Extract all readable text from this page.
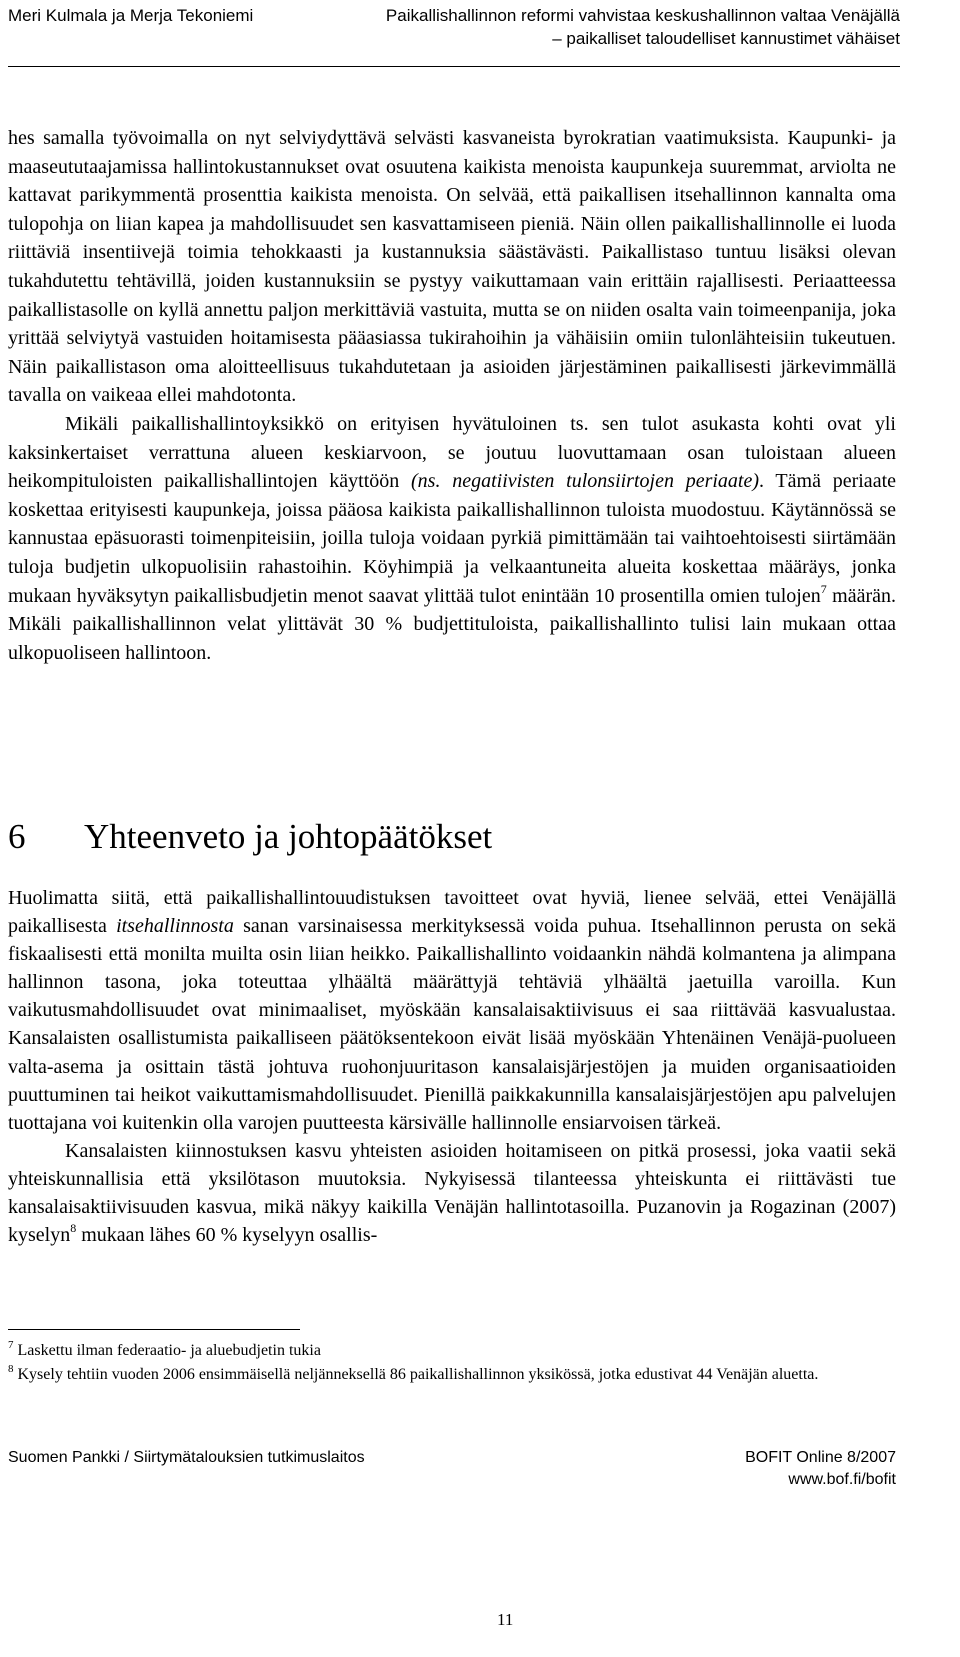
Meri Kulmala ja Merja Tekoniemi	Paikallishallinnon reformi vahvistaa keskushallinnon valtaa Venäjällä
– paikalliset taloudelliset kannustimet vähäiset

hes samalla työvoimalla on nyt selviydyttävä selvästi kasvaneista byrokratian vaatimuksista. Kaupunki- ja maaseututaajamissa hallintokustannukset ovat osuutena kaikista menoista kaupunkeja suuremmat, arviolta ne kattavat parikymmentä prosenttia kaikista menoista. On selvää, että paikallisen itsehallinnon kannalta oma tulopohja on liian kapea ja mahdollisuudet sen kasvattamiseen pieniä. Näin ollen paikallishallinnolle ei luoda riittäviä insentiivejä toimia tehokkaasti ja kustannuksia säästävästi. Paikallistaso tuntuu lisäksi olevan tukahdutettu tehtävillä, joiden kustannuksiin se pystyy vaikuttamaan vain erittäin rajallisesti. Periaatteessa paikallistasolle on kyllä annettu paljon merkittäviä vastuita, mutta se on niiden osalta vain toimeenpanija, joka yrittää selviytyä vastuiden hoitamisesta pääasiassa tukirahoihin ja vähäisiin omiin tulonlähteisiin tukeutuen. Näin paikallistason oma aloitteellisuus tukahdutetaan ja asioiden järjestäminen paikallisesti järkevimmällä tavalla on vaikeaa ellei mahdotonta.

Mikäli paikallishallintoyksikkö on erityisen hyvätuloinen ts. sen tulot asukasta kohti ovat yli kaksinkertaiset verrattuna alueen keskiarvoon, se joutuu luovuttamaan osan tuloistaan alueen heikompituloisten paikallishallintojen käyttöön (ns. negatiivisten tulonsiirtojen periaate). Tämä periaate koskettaa erityisesti kaupunkeja, joissa pääosa kaikista paikallishallinnon tuloista muodostuu. Käytännössä se kannustaa epäsuorasti toimenpiteisiin, joilla tuloja voidaan pyrkiä pimittämään tai vaihtoehtoisesti siirtämään tuloja budjetin ulkopuolisiin rahastoihin. Köyhimpiä ja velkaantuneita alueita koskettaa määräys, jonka mukaan hyväksytyn paikallisbudjetin menot saavat ylittää tulot enintään 10 prosentilla omien tulojen$^7$ määrän. Mikäli paikallishallinnon velat ylittävät 30 % budjettituloista, paikallishallinto tulisi lain mukaan ottaa ulkopuoliseen hallintoon.

6 Yhteenveto ja johtopäätökset

Huolimatta siitä, että paikallishallintouudistuksen tavoitteet ovat hyviä, lienee selvää, ettei Venäjällä paikallisesta itsehallinnosta sanan varsinaisessa merkityksessä voida puhua. Itsehallinnon perusta on sekä fiskaalisesti että monilta muilta osin liian heikko. Paikallishallinto voidaankin nähdä kolmantena ja alimpana hallinnon tasona, joka toteuttaa ylhäältä määrättyjä tehtäviä ylhäältä jaetuilla varoilla. Kun vaikutusmahdollisuudet ovat minimaaliset, myöskään kansalaisaktiivisuus ei saa riittävää kasvualustaa. Kansalaisten osallistumista paikalliseen päätöksentekoon eivät lisää myöskään Yhtenäinen Venäjä-puolueen valta-asema ja osittain tästä johtuva ruohonjuuritason kansalaisjärjestöjen ja muiden organisaatioiden puuttuminen tai heikot vaikuttamismahdollisuudet. Pienillä paikkakunnilla kansalaisjärjestöjen apu palvelujen tuottajana voi kuitenkin olla varojen puutteesta kärsivälle hallinnolle ensiarvoisen tärkeä.

Kansalaisten kiinnostuksen kasvu yhteisten asioiden hoitamiseen on pitkä prosessi, joka vaatii sekä yhteiskunnallisia että yksilötason muutoksia. Nykyisessä tilanteessa yhteiskunta ei riittävästi tue kansalaisaktiivisuuden kasvua, mikä näkyy kaikilla Venäjän hallintotasoilla. Puzanovin ja Rogazinan (2007) kyselyn$^8$ mukaan lähes 60 % kyselyyn osallis-

$^7$ Laskettu ilman federaatio- ja aluebudjetin tukia

$^8$ Kysely tehtiin vuoden 2006 ensimmäisellä neljänneksellä 86 paikallishallinnon yksikössä, jotka edustivat 44 Venäjän aluetta.

Suomen Pankki / Siirtymätalouksien tutkimuslaitos	BOFIT Online 8/2007
www.bof.fi/bofit
11
